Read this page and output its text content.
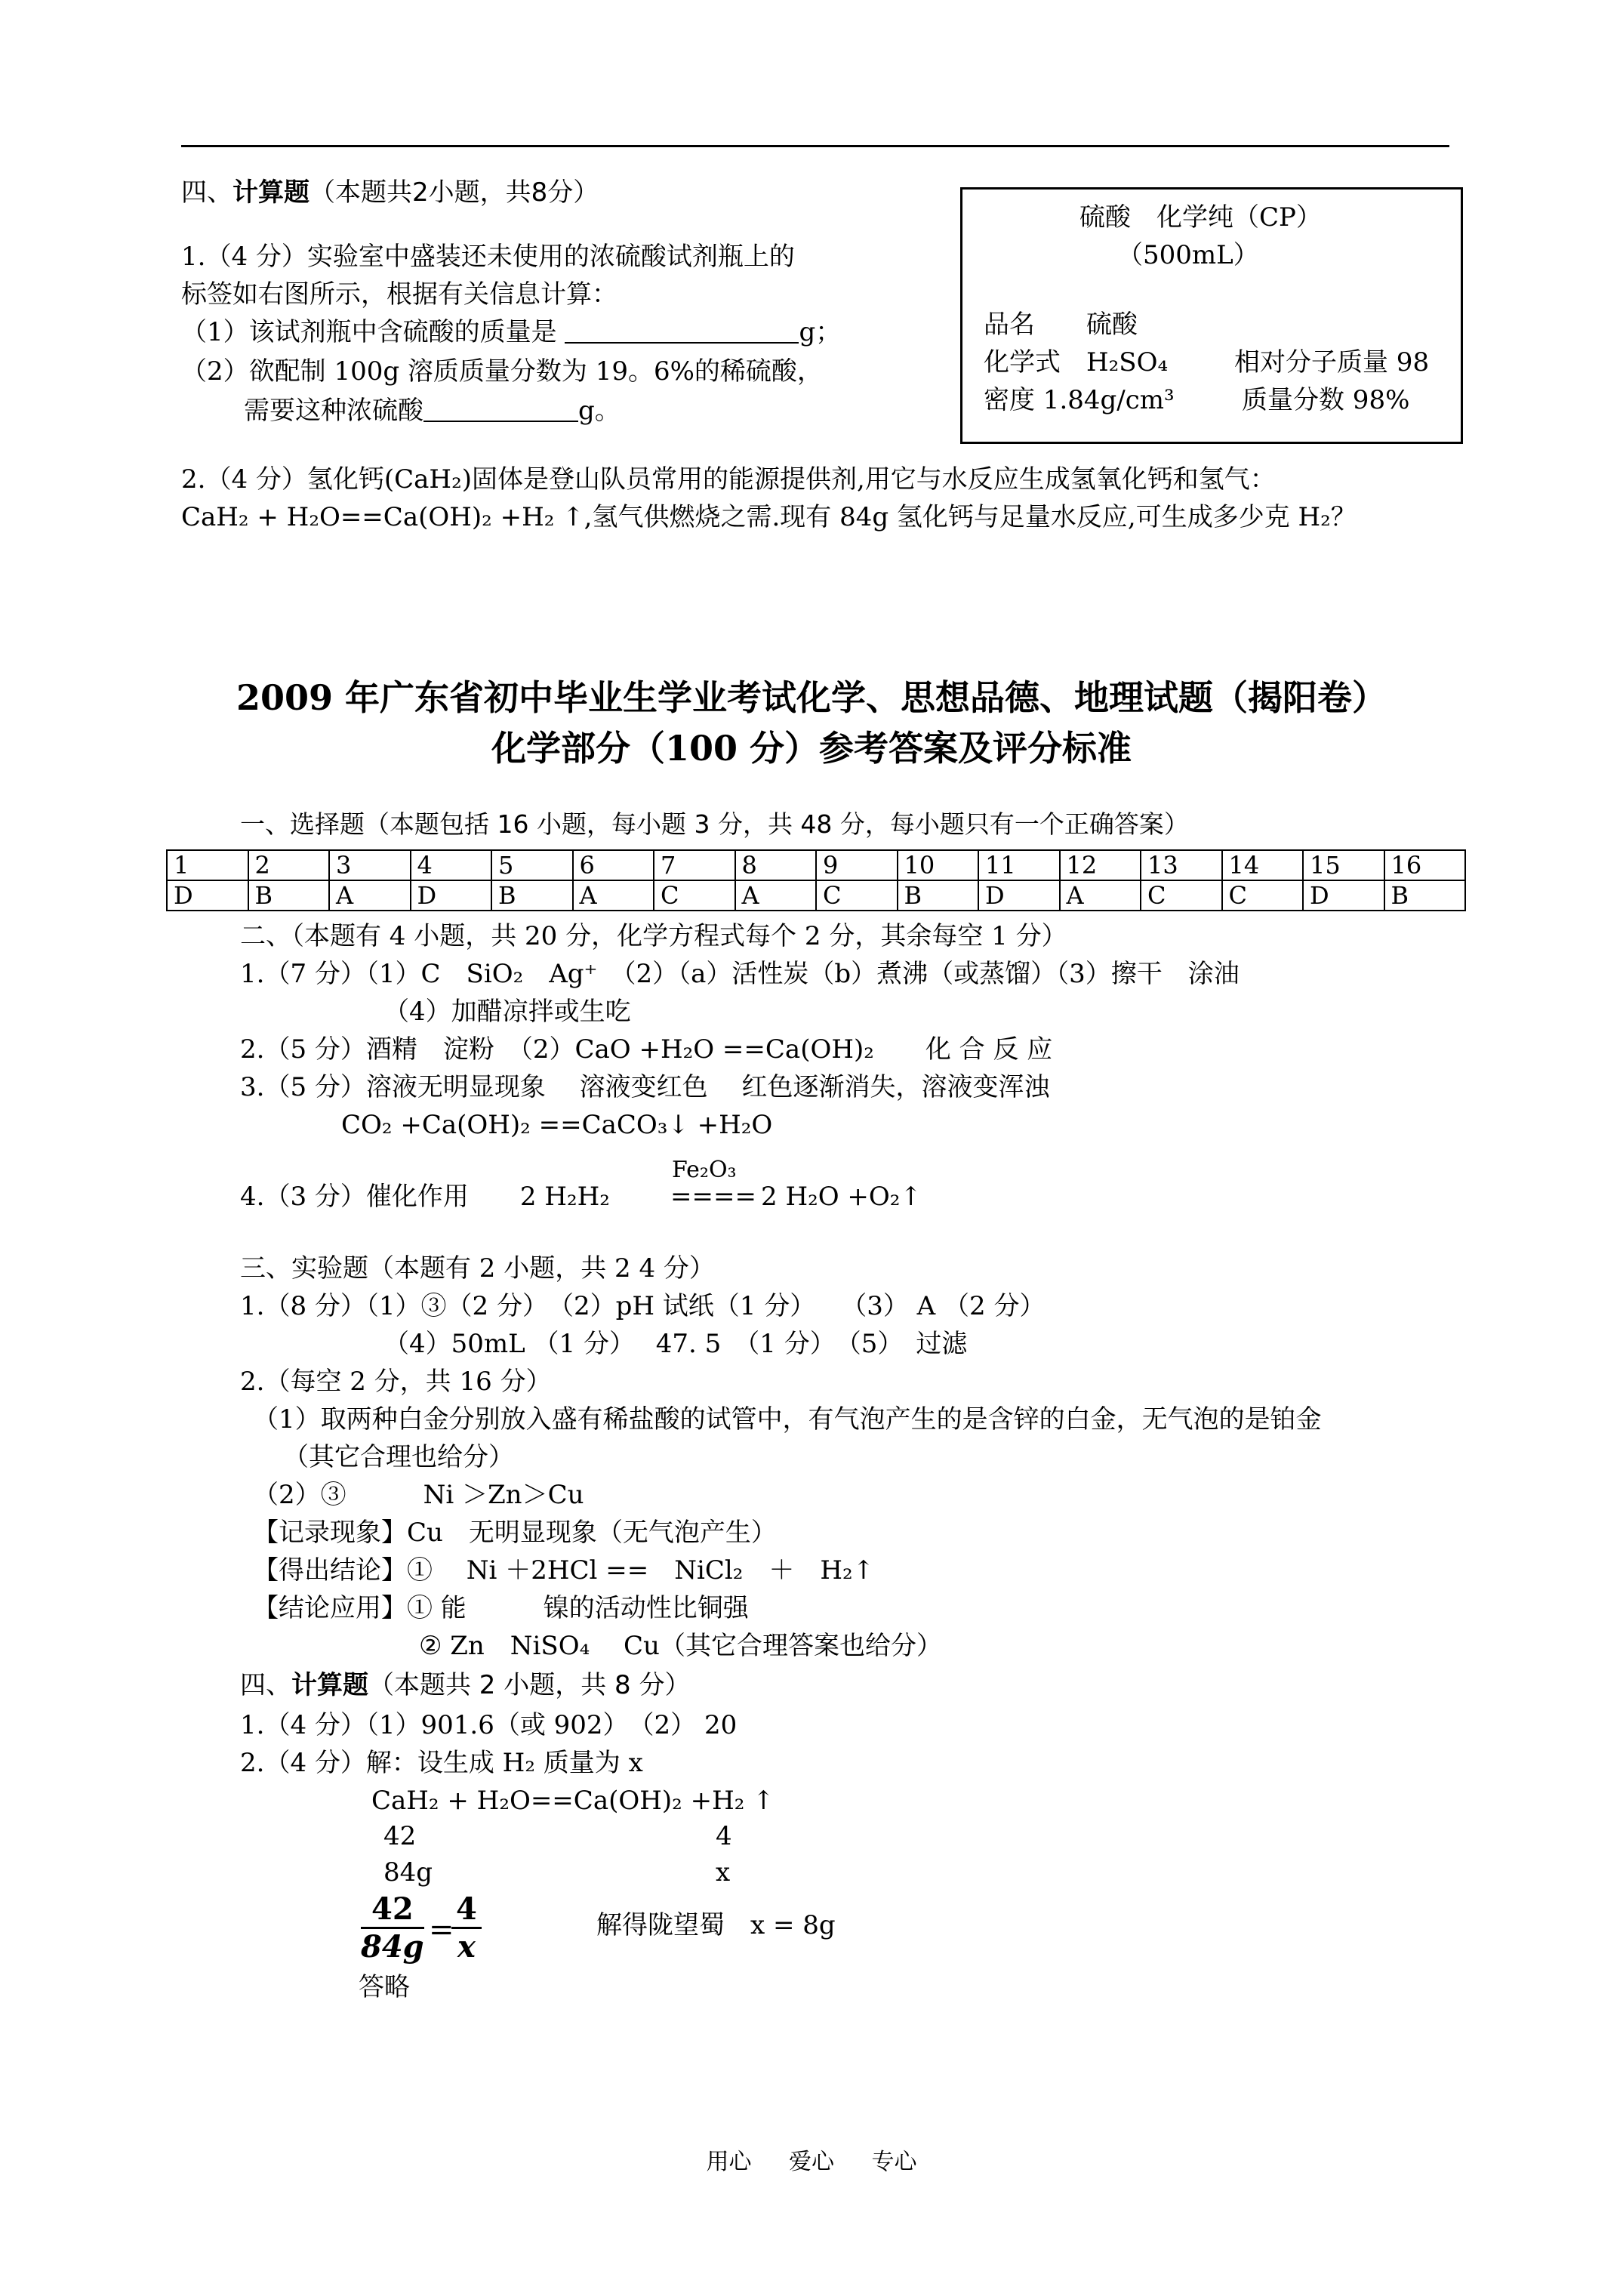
四、计算题（本题共2小题，共8分）
1.（4 分）实验室中盛装还未使用的浓硫酸试剂瓶上的
标签如右图所示，根据有关信息计算：
（1）该试剂瓶中含硫酸的质量是	g；
（2）欲配制 100g 溶质质量分数为 19。6%的稀硫酸，
需要这种浓硫酸	g。
硫酸　化学纯（CP）
（500mL）
品名　　硫酸
化学式　H₂SO₄	相对分子质量 98
密度 1.84g/cm³	质量分数 98%
2.（4 分）氢化钙(CaH₂)固体是登山队员常用的能源提供剂,用它与水反应生成氢氧化钙和氢气：
CaH₂ + H₂O==Ca(OH)₂ +H₂ ↑,氢气供燃烧之需.现有 84g 氢化钙与足量水反应,可生成多少克 H₂？
2009 年广东省初中毕业生学业考试化学、思想品德、地理试题（揭阳卷）
化学部分（100 分）参考答案及评分标准
一、选择题（本题包括 16 小题，每小题 3 分，共 48 分，每小题只有一个正确答案）
1	2	3	4	5	6	7	8	9	10	11	12	13	14	15	16
D	B	A	D	B	A	C	A	C	B	D	A	C	C	D	B
二、（本题有 4 小题，共 20 分，化学方程式每个 2 分，其余每空 1 分）
1.（7 分）（1）C　SiO₂　Ag⁺　（2）（a）活性炭（b）煮沸（或蒸馏）（3）擦干　涂油
（4）加醋凉拌或生吃
2.（5 分）酒精　淀粉　（2）CaO +H₂O ==Ca(OH)₂　　化 合 反 应
3.（5 分）溶液无明显现象　 溶液变红色　 红色逐渐消失，溶液变浑浊
CO₂ +Ca(OH)₂ ==CaCO₃↓ +H₂O
Fe₂O₃
4.（3 分）催化作用　　2 H₂H₂ ==== 2 H₂O +O₂↑
三、实验题（本题有 2 小题，共 2 4 分）
1.（8 分）（1）③（2 分）　（2）pH 试纸（1 分）　　（3） A （2 分）
（4）50mL （1 分）　 47. 5　（1 分）　（5）　过滤
2.（每空 2 分，共 16 分）
（1）取两种白金分别放入盛有稀盐酸的试管中，有气泡产生的是含锌的白金，无气泡的是铂金
（其它合理也给分）
（2）③　　　Ni ＞Zn＞Cu
【记录现象】Cu　无明显现象（无气泡产生）
【得出结论】①　 Ni ＋2HCl ==　NiCl₂　＋　H₂↑
【结论应用】① 能　　　镍的活动性比铜强
② Zn　NiSO₄　 Cu（其它合理答案也给分）
四、计算题（本题共 2 小题，共 8 分）
1.（4 分）（1）901.6（或 902）　（2） 20
2.（4 分）解：设生成 H₂ 质量为 x
CaH₂ + H₂O==Ca(OH)₂ +H₂ ↑
42	4
84g	x
$\frac{42}{84g}$ =
$\frac{4}{x}$	解得陇望蜀　x = 8g
答略
用心 爱心 专心
